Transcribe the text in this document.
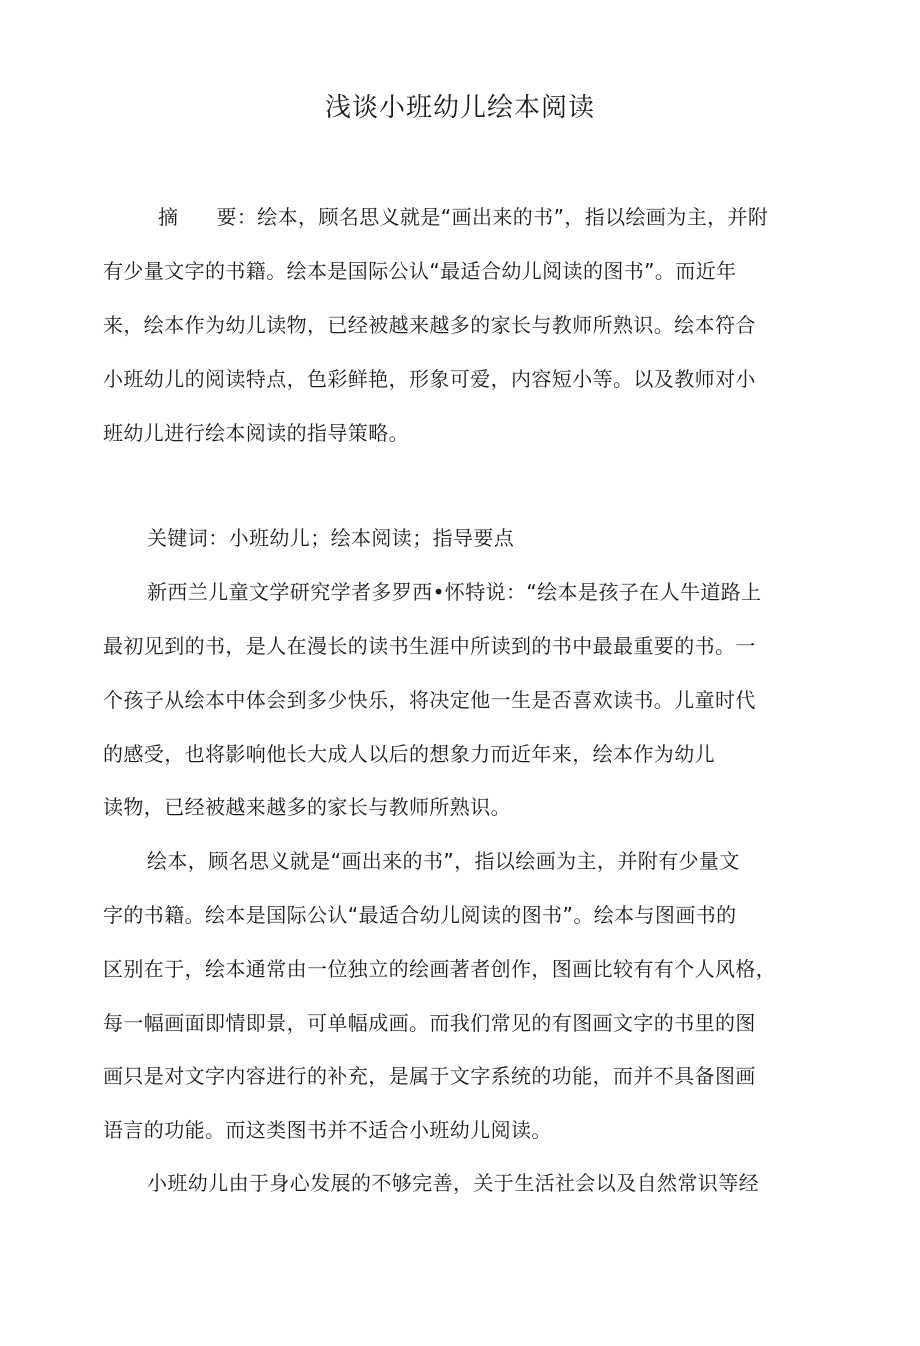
浅谈小班幼儿绘本阅读
摘 要：绘本，顾名思义就是“画出来的书”，指以绘画为主，并附
有少量文字的书籍。绘本是国际公认“最适合幼儿阅读的图书”。而近年
来，绘本作为幼儿读物，已经被越来越多的家长与教师所熟识。绘本符合
小班幼儿的阅读特点，色彩鲜艳，形象可爱，内容短小等。以及教师对小
班幼儿进行绘本阅读的指导策略。
关键词：小班幼儿；绘本阅读；指导要点
新西兰儿童文学研究学者多罗西•怀特说：“绘本是孩子在人牛道路上
最初见到的书，是人在漫长的读书生涯中所读到的书中最最重要的书。一
个孩子从绘本中体会到多少快乐，将决定他一生是否喜欢读书。儿童时代
的感受，也将影响他长大成人以后的想象力而近年来，绘本作为幼儿
读物，已经被越来越多的家长与教师所熟识。
绘本，顾名思义就是“画出来的书”，指以绘画为主，并附有少量文
字的书籍。绘本是国际公认“最适合幼儿阅读的图书”。绘本与图画书的
区别在于，绘本通常由一位独立的绘画著者创作，图画比较有有个人风格，
每一幅画面即情即景，可单幅成画。而我们常见的有图画文字的书里的图
画只是对文字内容进行的补充，是属于文字系统的功能，而并不具备图画
语言的功能。而这类图书并不适合小班幼儿阅读。
小班幼儿由于身心发展的不够完善，关于生活社会以及自然常识等经
